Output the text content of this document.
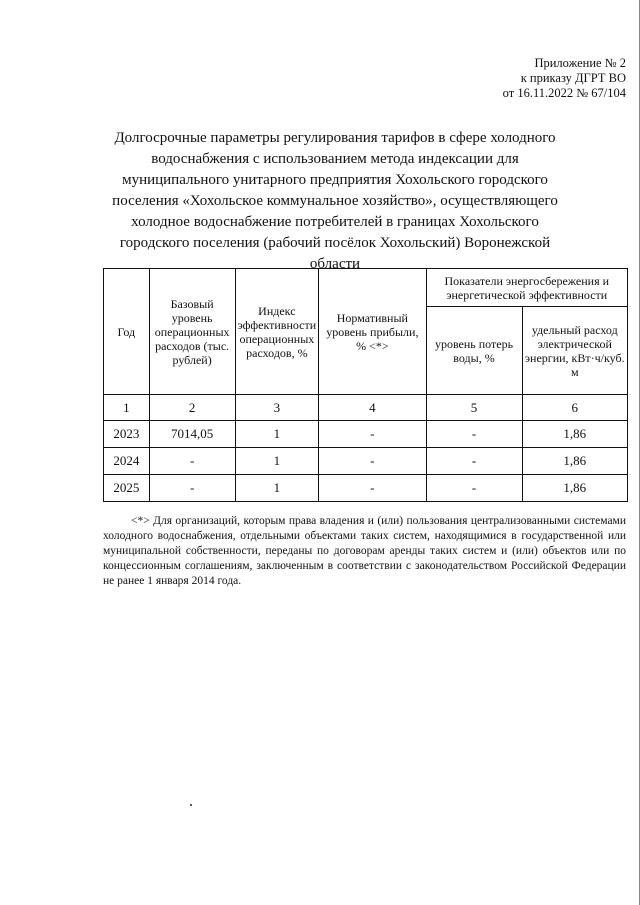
Приложение № 2
к приказу ДГРТ ВО
от 16.11.2022 № 67/104
Долгосрочные параметры регулирования тарифов в сфере холодного водоснабжения с использованием метода индексации для муниципального унитарного предприятия Хохольского городского поселения «Хохольское коммунальное хозяйство», осуществляющего холодное водоснабжение потребителей в границах Хохольского городского поселения (рабочий посёлок Хохольский) Воронежской области
Год	Базовый уровень операционных расходов (тыс. рублей)	Индекс эффективности операционных расходов, %	Нормативный уровень прибыли, % <*>	Показатели энергосбережения и энергетической эффективности	
				уровень потерь воды, %	удельный расход электрической энергии, кВт·ч/куб. м
1	2	3	4	5	6
2023	7014,05	1	-	-	1,86
2024	-	1	-	-	1,86
2025	-	1	-	-	1,86
<*> Для организаций, которым права владения и (или) пользования централизованными системами холодного водоснабжения, отдельными объектами таких систем, находящимися в государственной или муниципальной собственности, переданы по договорам аренды таких систем и (или) объектов или по концессионным соглашениям, заключенным в соответствии с законодательством Российской Федерации не ранее 1 января 2014 года.
